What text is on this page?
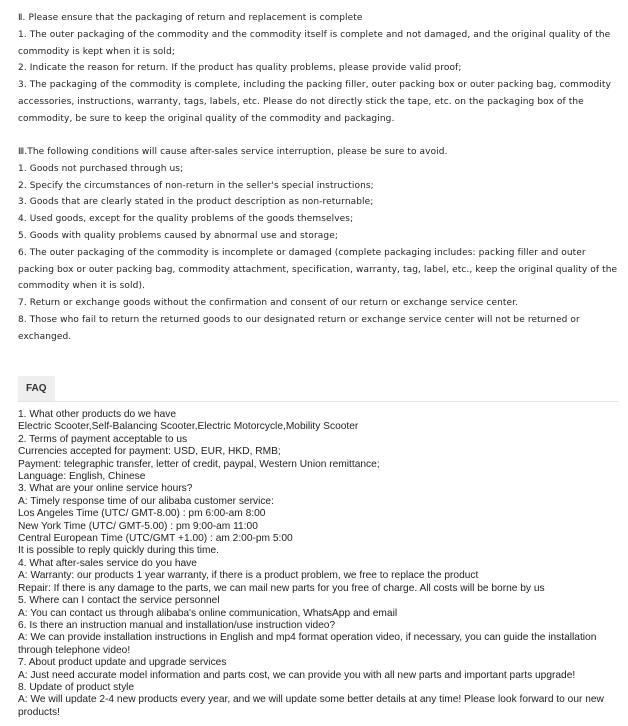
Ⅱ. Please ensure that the packaging of return and replacement is complete

1. The outer packaging of the commodity and the commodity itself is complete and not damaged, and the original quality of the commodity is kept when it is sold;

2. Indicate the reason for return. If the product has quality problems, please provide valid proof;

3. The packaging of the commodity is complete, including the packing filler, outer packing box or outer packing bag, commodity accessories, instructions, warranty, tags, labels, etc. Please do not directly stick the tape, etc. on the packaging box of the commodity, be sure to keep the original quality of the commodity and packaging.

Ⅲ.The following conditions will cause after-sales service interruption, please be sure to avoid.

1. Goods not purchased through us;

2. Specify the circumstances of non-return in the seller's special instructions;

3. Goods that are clearly stated in the product description as non-returnable;

4. Used goods, except for the quality problems of the goods themselves;

5. Goods with quality problems caused by abnormal use and storage;

6. The outer packaging of the commodity is incomplete or damaged (complete packaging includes: packing filler and outer packing box or outer packing bag, commodity attachment, specification, warranty, tag, label, etc., keep the original quality of the commodity when it is sold).

7. Return or exchange goods without the confirmation and consent of our return or exchange service center.

8. Those who fail to return the returned goods to our designated return or exchange service center will not be returned or exchanged.

FAQ

1. What other products do we have

Electric Scooter,Self-Balancing Scooter,Electric Motorcycle,Mobility Scooter

2. Terms of payment acceptable to us

Currencies accepted for payment: USD, EUR, HKD, RMB;

Payment: telegraphic transfer, letter of credit, paypal, Western Union remittance;

Language: English, Chinese

3. What are your online service hours?

A: Timely response time of our alibaba customer service:

Los Angeles Time (UTC/ GMT-8.00) : pm 6:00-am 8:00

New York Time (UTC/ GMT-5.00) : pm 9:00-am 11:00

Central European Time (UTC/GMT +1.00) : am 2:00-pm 5:00

It is possible to reply quickly during this time.

4. What after-sales service do you have

A: Warranty: our products 1 year warranty, if there is a product problem, we free to replace the product

Repair: If there is any damage to the parts, we can mail new parts for you free of charge. All costs will be borne by us

5. Where can I contact the service personnel

A: You can contact us through alibaba's online communication, WhatsApp and email

6. Is there an instruction manual and installation/use instruction video?

A: We can provide installation instructions in English and mp4 format operation video, if necessary, you can guide the installation through telephone video!

7. About product update and upgrade services

A: Just need accurate model information and parts cost, we can provide you with all new parts and important parts upgrade!

8. Update of product style

A: We will update 2-4 new products every year, and we will update some better details at any time! Please look forward to our new products!
